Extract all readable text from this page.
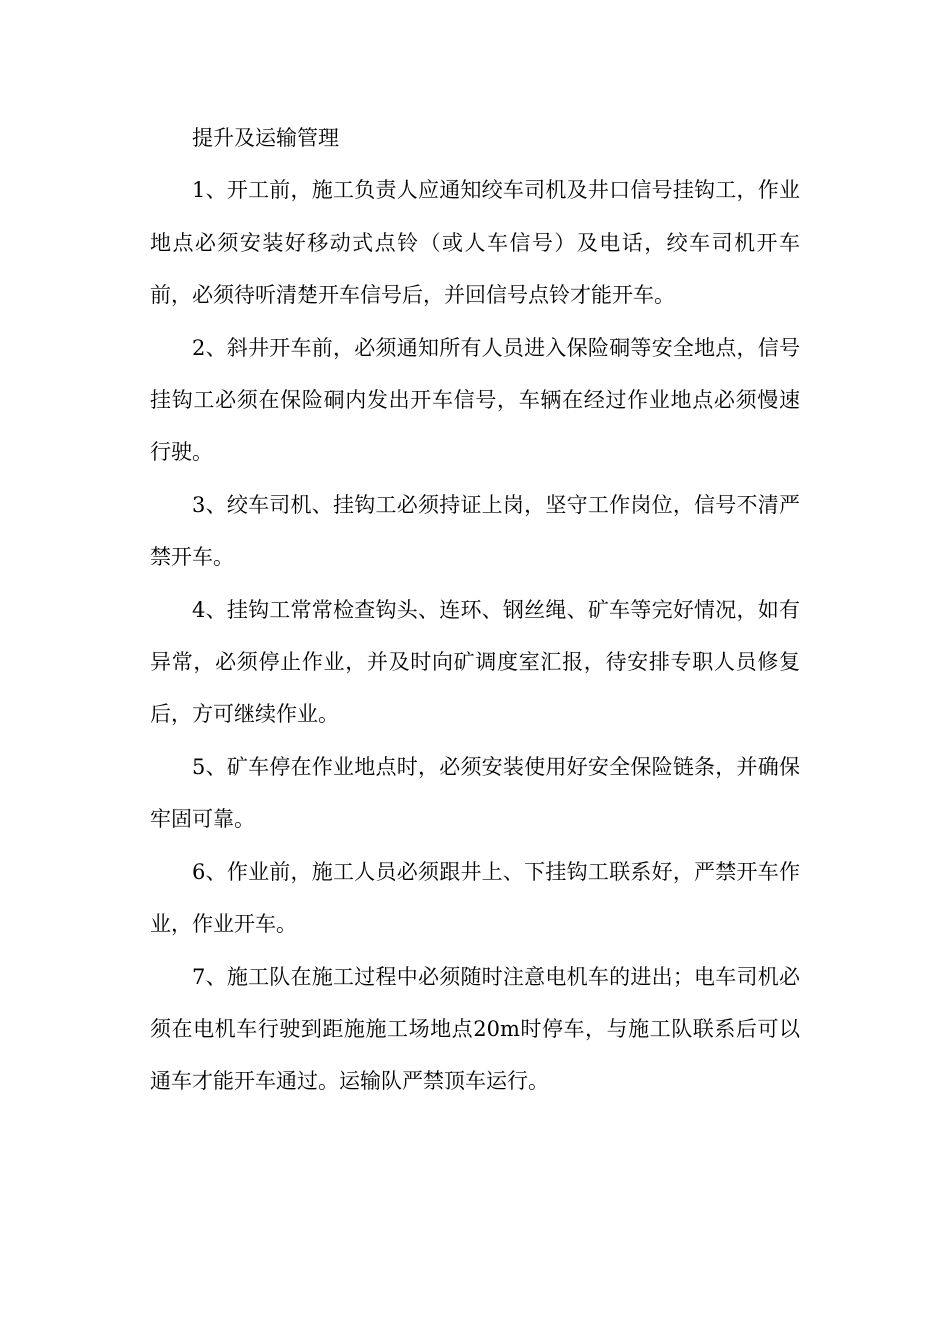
提升及运输管理

1、开工前，施工负责人应通知绞车司机及井口信号挂钩工，作业地点必须安装好移动式点铃（或人车信号）及电话，绞车司机开车前，必须待听清楚开车信号后，并回信号点铃才能开车。

2、斜井开车前，必须通知所有人员进入保险硐等安全地点，信号挂钩工必须在保险硐内发出开车信号，车辆在经过作业地点必须慢速行驶。

3、绞车司机、挂钩工必须持证上岗，坚守工作岗位，信号不清严禁开车。

4、挂钩工常常检查钩头、连环、钢丝绳、矿车等完好情况，如有异常，必须停止作业，并及时向矿调度室汇报，待安排专职人员修复后，方可继续作业。

5、矿车停在作业地点时，必须安装使用好安全保险链条，并确保牢固可靠。

6、作业前，施工人员必须跟井上、下挂钩工联系好，严禁开车作业，作业开车。

7、施工队在施工过程中必须随时注意电机车的进出；电车司机必须在电机车行驶到距施施工场地点20m时停车，与施工队联系后可以通车才能开车通过。运输队严禁顶车运行。
